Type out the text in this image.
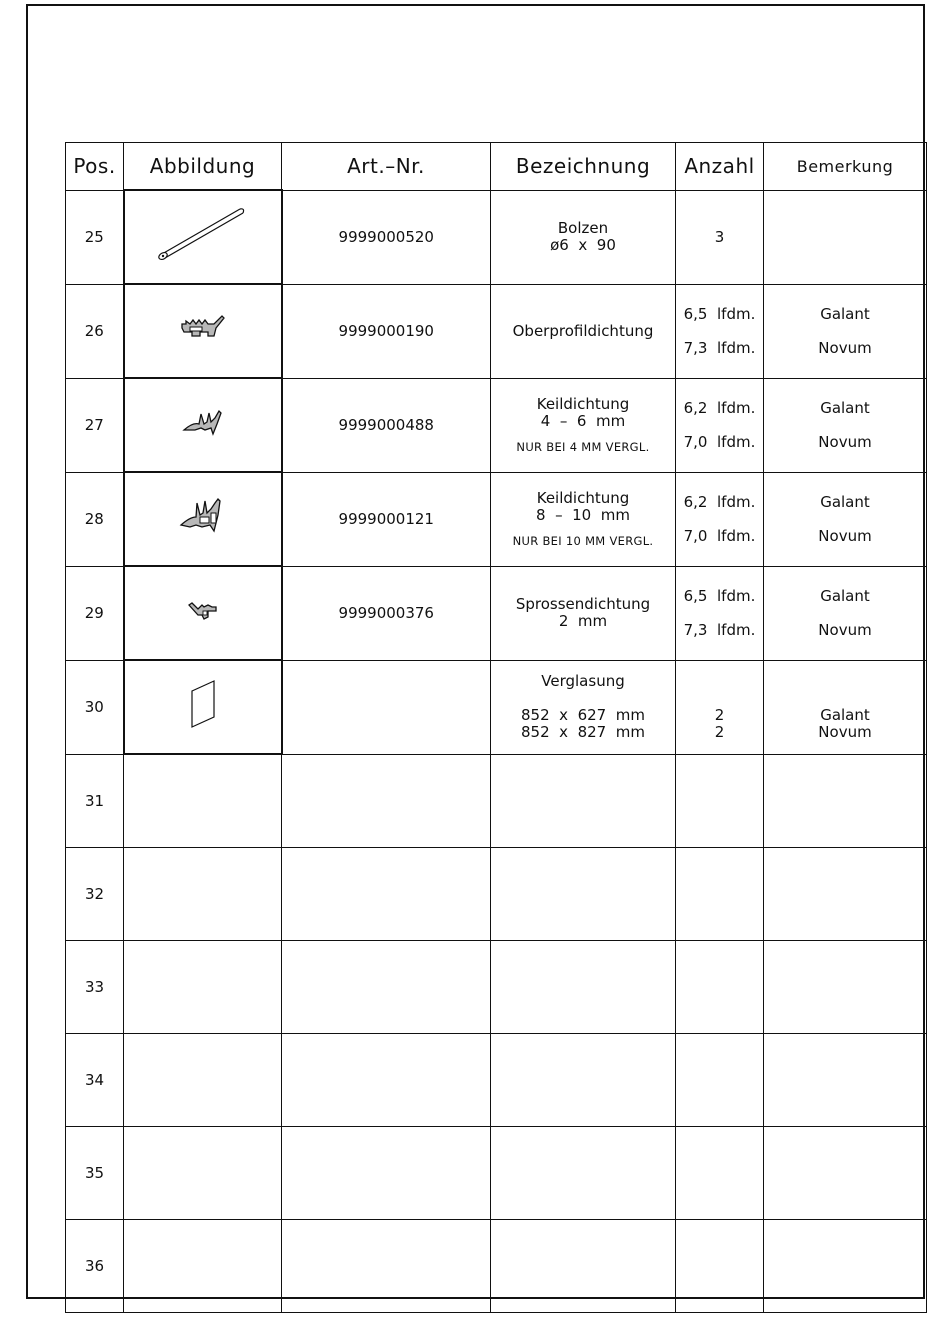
Pos.	Abbildung	Art.–Nr.	Bezeichnung	Anzahl	Bemerkung
25		9999000520	Bolzen
ø6  x  90	3	

26		9999000190	Oberprofildichtung	6,5  lfdm.
7,3  lfdm.	Galant
Novum

27		9999000488	Keildichtung
4  –  6  mm
NUR BEI 4 MM VERGL.	6,2  lfdm.
7,0  lfdm.	Galant
Novum

28		9999000121	Keildichtung
8  –  10  mm
NUR BEI 10 MM VERGL.	6,2  lfdm.
7,0  lfdm.	Galant
Novum

29		9999000376	Sprossendichtung
2  mm	6,5  lfdm.
7,3  lfdm.	Galant
Novum

30			Verglasung
852  x  627  mm
852  x  827  mm	2
2	Galant
Novum

31					
32					
33					
34					
35					
36					
